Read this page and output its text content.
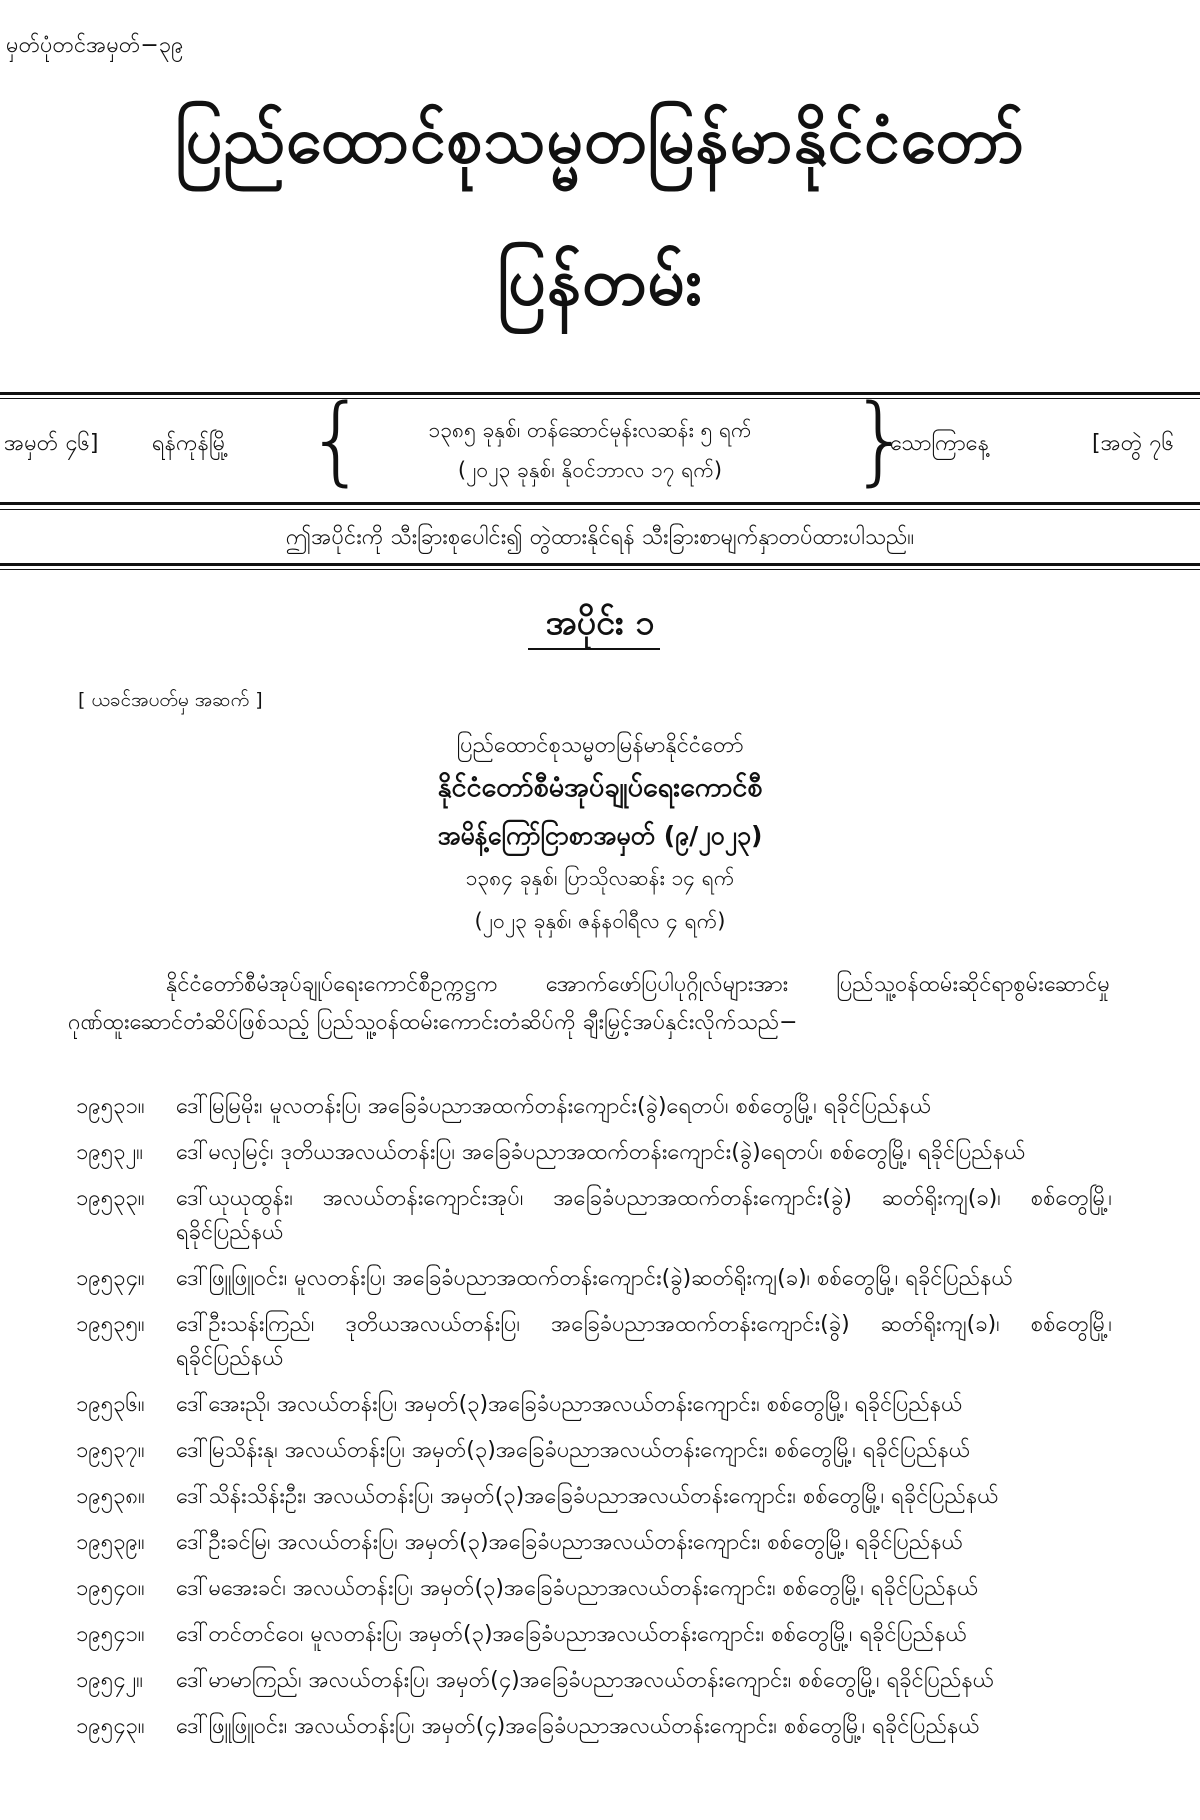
မှတ်ပုံတင်အမှတ်−၃၉
ပြည်ထောင်စုသမ္မတမြန်မာနိုင်ငံတော်
ပြန်တမ်း
အမှတ် ၄၆] ရန်ကုန်မြို့ {	၁၃၈၅ ခုနှစ်၊ တန်ဆောင်မုန်းလဆန်း ၅ ရက်
(၂၀၂၃ ခုနှစ်၊ နိုဝင်ဘာလ ၁၇ ရက်)	}
သောကြာနေ့	[အတွဲ ၇၆
ဤအပိုင်းကို သီးခြားစုပေါင်း၍ တွဲထားနိုင်ရန် သီးခြားစာမျက်နှာတပ်ထားပါသည်။
အပိုင်း ၁
[ ယခင်အပတ်မှ အဆက် ]
ပြည်ထောင်စုသမ္မတမြန်မာနိုင်ငံတော်
နိုင်ငံတော်စီမံအုပ်ချုပ်ရေးကောင်စီ
အမိန့်ကြော်ငြာစာအမှတ် (၉/၂၀၂၃)
၁၃၈၄ ခုနှစ်၊ ပြာသိုလဆန်း ၁၄ ရက်
(၂၀၂၃ ခုနှစ်၊ ဇန်နဝါရီလ ၄ ရက်)
နိုင်ငံတော်စီမံအုပ်ချုပ်ရေးကောင်စီဥက္ကဋ္ဌက အောက်ဖော်ပြပါပုဂ္ဂိုလ်များအား ပြည်သူ့ဝန်ထမ်းဆိုင်ရာစွမ်းဆောင်မှု ဂုဏ်ထူးဆောင်တံဆိပ်ဖြစ်သည့် ပြည်သူ့ဝန်ထမ်းကောင်းတံဆိပ်ကို ချီးမြှင့်အပ်နှင်းလိုက်သည်−
၁၉၅၃၁။	ဒေါ်မြမြမိုး၊ မူလတန်းပြ၊ အခြေခံပညာအထက်တန်းကျောင်း(ခွဲ)ရေတပ်၊ စစ်တွေမြို့၊ ရခိုင်ပြည်နယ်
၁၉၅၃၂။	ဒေါ်မလှမြင့်၊ ဒုတိယအလယ်တန်းပြ၊ အခြေခံပညာအထက်တန်းကျောင်း(ခွဲ)ရေတပ်၊ စစ်တွေမြို့၊ ရခိုင်ပြည်နယ်
၁၉၅၃၃။	ဒေါ်ယုယုထွန်း၊ အလယ်တန်းကျောင်းအုပ်၊ အခြေခံပညာအထက်တန်းကျောင်း(ခွဲ) ဆတ်ရိုးကျ(ခ)၊ စစ်တွေမြို့၊ ရခိုင်ပြည်နယ်
၁၉၅၃၄။	ဒေါ်ဖြူဖြူဝင်း၊ မူလတန်းပြ၊ အခြေခံပညာအထက်တန်းကျောင်း(ခွဲ)ဆတ်ရိုးကျ(ခ)၊ စစ်တွေမြို့၊ ရခိုင်ပြည်နယ်
၁၉၅၃၅။	ဒေါ်ဦးသန်းကြည်၊ ဒုတိယအလယ်တန်းပြ၊ အခြေခံပညာအထက်တန်းကျောင်း(ခွဲ) ဆတ်ရိုးကျ(ခ)၊ စစ်တွေမြို့၊ ရခိုင်ပြည်နယ်
၁၉၅၃၆။	ဒေါ်အေးညို၊ အလယ်တန်းပြ၊ အမှတ်(၃)အခြေခံပညာအလယ်တန်းကျောင်း၊ စစ်တွေမြို့၊ ရခိုင်ပြည်နယ်
၁၉၅၃၇။	ဒေါ်မြသိန်းနု၊ အလယ်တန်းပြ၊ အမှတ်(၃)အခြေခံပညာအလယ်တန်းကျောင်း၊ စစ်တွေမြို့၊ ရခိုင်ပြည်နယ်
၁၉၅၃၈။	ဒေါ်သိန်းသိန်းဦး၊ အလယ်တန်းပြ၊ အမှတ်(၃)အခြေခံပညာအလယ်တန်းကျောင်း၊ စစ်တွေမြို့၊ ရခိုင်ပြည်နယ်
၁၉၅၃၉။	ဒေါ်ဦးခင်မြ၊ အလယ်တန်းပြ၊ အမှတ်(၃)အခြေခံပညာအလယ်တန်းကျောင်း၊ စစ်တွေမြို့၊ ရခိုင်ပြည်နယ်
၁၉၅၄၀။	ဒေါ်မအေးခင်၊ အလယ်တန်းပြ၊ အမှတ်(၃)အခြေခံပညာအလယ်တန်းကျောင်း၊ စစ်တွေမြို့၊ ရခိုင်ပြည်နယ်
၁၉၅၄၁။	ဒေါ်တင်တင်ဝေ၊ မူလတန်းပြ၊ အမှတ်(၃)အခြေခံပညာအလယ်တန်းကျောင်း၊ စစ်တွေမြို့၊ ရခိုင်ပြည်နယ်
၁၉၅၄၂။	ဒေါ်မာမာကြည်၊ အလယ်တန်းပြ၊ အမှတ်(၄)အခြေခံပညာအလယ်တန်းကျောင်း၊ စစ်တွေမြို့၊ ရခိုင်ပြည်နယ်
၁၉၅၄၃။	ဒေါ်ဖြူဖြူဝင်း၊ အလယ်တန်းပြ၊ အမှတ်(၄)အခြေခံပညာအလယ်တန်းကျောင်း၊ စစ်တွေမြို့၊ ရခိုင်ပြည်နယ်
